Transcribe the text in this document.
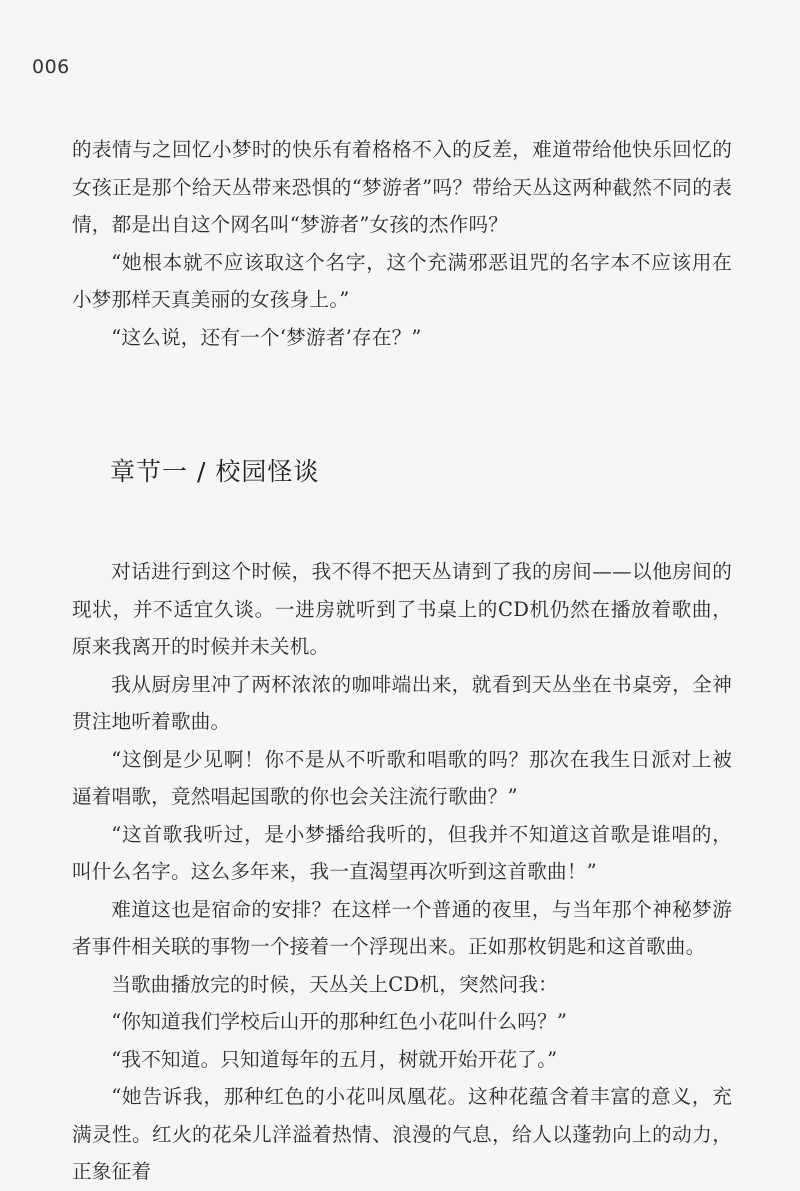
006

的表情与之回忆小梦时的快乐有着格格不入的反差，难道带给他快乐回忆的女孩正是那个给天丛带来恐惧的“梦游者”吗？带给天丛这两种截然不同的表情，都是出自这个网名叫“梦游者”女孩的杰作吗？

“她根本就不应该取这个名字，这个充满邪恶诅咒的名字本不应该用在小梦那样天真美丽的女孩身上。”

“这么说，还有一个‘梦游者’存在？”

章节一 / 校园怪谈

对话进行到这个时候，我不得不把天丛请到了我的房间——以他房间的现状，并不适宜久谈。一进房就听到了书桌上的CD机仍然在播放着歌曲，原来我离开的时候并未关机。

我从厨房里冲了两杯浓浓的咖啡端出来，就看到天丛坐在书桌旁，全神贯注地听着歌曲。

“这倒是少见啊！你不是从不听歌和唱歌的吗？那次在我生日派对上被逼着唱歌，竟然唱起国歌的你也会关注流行歌曲？”

“这首歌我听过，是小梦播给我听的，但我并不知道这首歌是谁唱的，叫什么名字。这么多年来，我一直渴望再次听到这首歌曲！”

难道这也是宿命的安排？在这样一个普通的夜里，与当年那个神秘梦游者事件相关联的事物一个接着一个浮现出来。正如那枚钥匙和这首歌曲。

当歌曲播放完的时候，天丛关上CD机，突然问我：

“你知道我们学校后山开的那种红色小花叫什么吗？”

“我不知道。只知道每年的五月，树就开始开花了。”

“她告诉我，那种红色的小花叫凤凰花。这种花蕴含着丰富的意义，充满灵性。红火的花朵儿洋溢着热情、浪漫的气息，给人以蓬勃向上的动力，正象征着
